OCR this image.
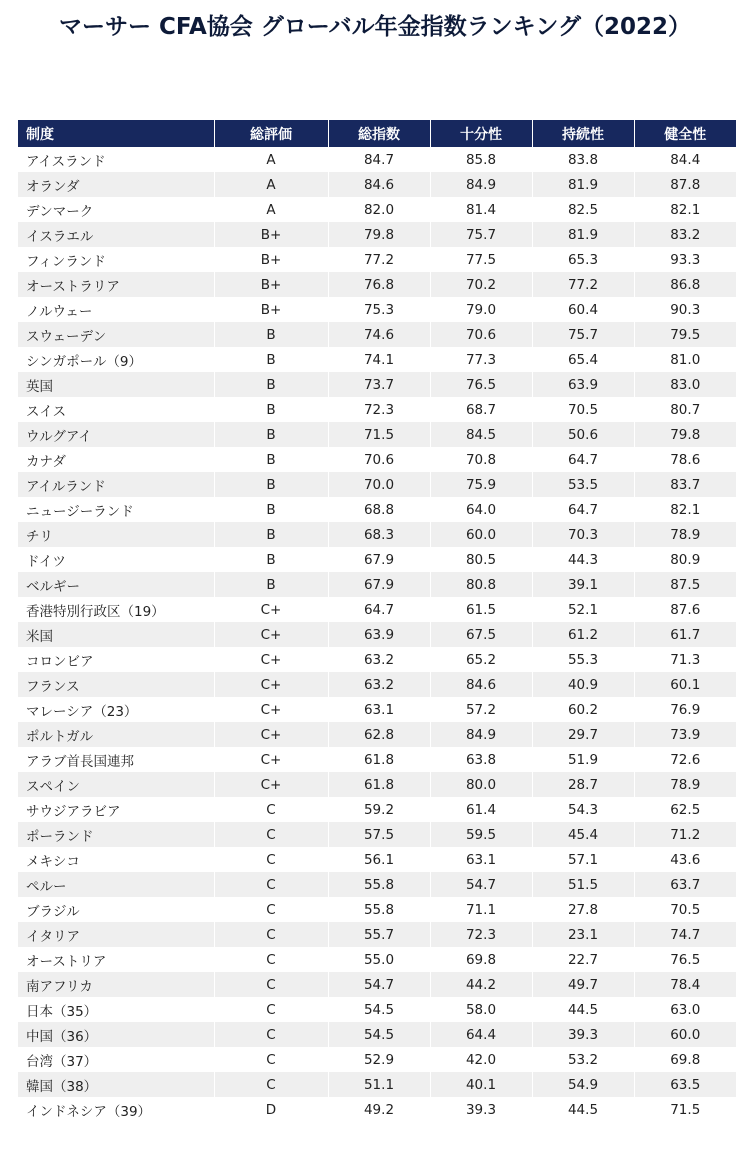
マーサー CFA協会 グローバル年金指数ランキング（2022）
制度	総評価	総指数	十分性	持続性	健全性
アイスランド	A	84.7	85.8	83.8	84.4
オランダ	A	84.6	84.9	81.9	87.8
デンマーク	A	82.0	81.4	82.5	82.1
イスラエル	B+	79.8	75.7	81.9	83.2
フィンランド	B+	77.2	77.5	65.3	93.3
オーストラリア	B+	76.8	70.2	77.2	86.8
ノルウェー	B+	75.3	79.0	60.4	90.3
スウェーデン	B	74.6	70.6	75.7	79.5
シンガポール（9）	B	74.1	77.3	65.4	81.0
英国	B	73.7	76.5	63.9	83.0
スイス	B	72.3	68.7	70.5	80.7
ウルグアイ	B	71.5	84.5	50.6	79.8
カナダ	B	70.6	70.8	64.7	78.6
アイルランド	B	70.0	75.9	53.5	83.7
ニュージーランド	B	68.8	64.0	64.7	82.1
チリ	B	68.3	60.0	70.3	78.9
ドイツ	B	67.9	80.5	44.3	80.9
ベルギー	B	67.9	80.8	39.1	87.5
香港特別行政区（19）	C+	64.7	61.5	52.1	87.6
米国	C+	63.9	67.5	61.2	61.7
コロンビア	C+	63.2	65.2	55.3	71.3
フランス	C+	63.2	84.6	40.9	60.1
マレーシア（23）	C+	63.1	57.2	60.2	76.9
ポルトガル	C+	62.8	84.9	29.7	73.9
アラブ首長国連邦	C+	61.8	63.8	51.9	72.6
スペイン	C+	61.8	80.0	28.7	78.9
サウジアラビア	C	59.2	61.4	54.3	62.5
ポーランド	C	57.5	59.5	45.4	71.2
メキシコ	C	56.1	63.1	57.1	43.6
ペルー	C	55.8	54.7	51.5	63.7
ブラジル	C	55.8	71.1	27.8	70.5
イタリア	C	55.7	72.3	23.1	74.7
オーストリア	C	55.0	69.8	22.7	76.5
南アフリカ	C	54.7	44.2	49.7	78.4
日本（35）	C	54.5	58.0	44.5	63.0
中国（36）	C	54.5	64.4	39.3	60.0
台湾（37）	C	52.9	42.0	53.2	69.8
韓国（38）	C	51.1	40.1	54.9	63.5
インドネシア（39）	D	49.2	39.3	44.5	71.5
